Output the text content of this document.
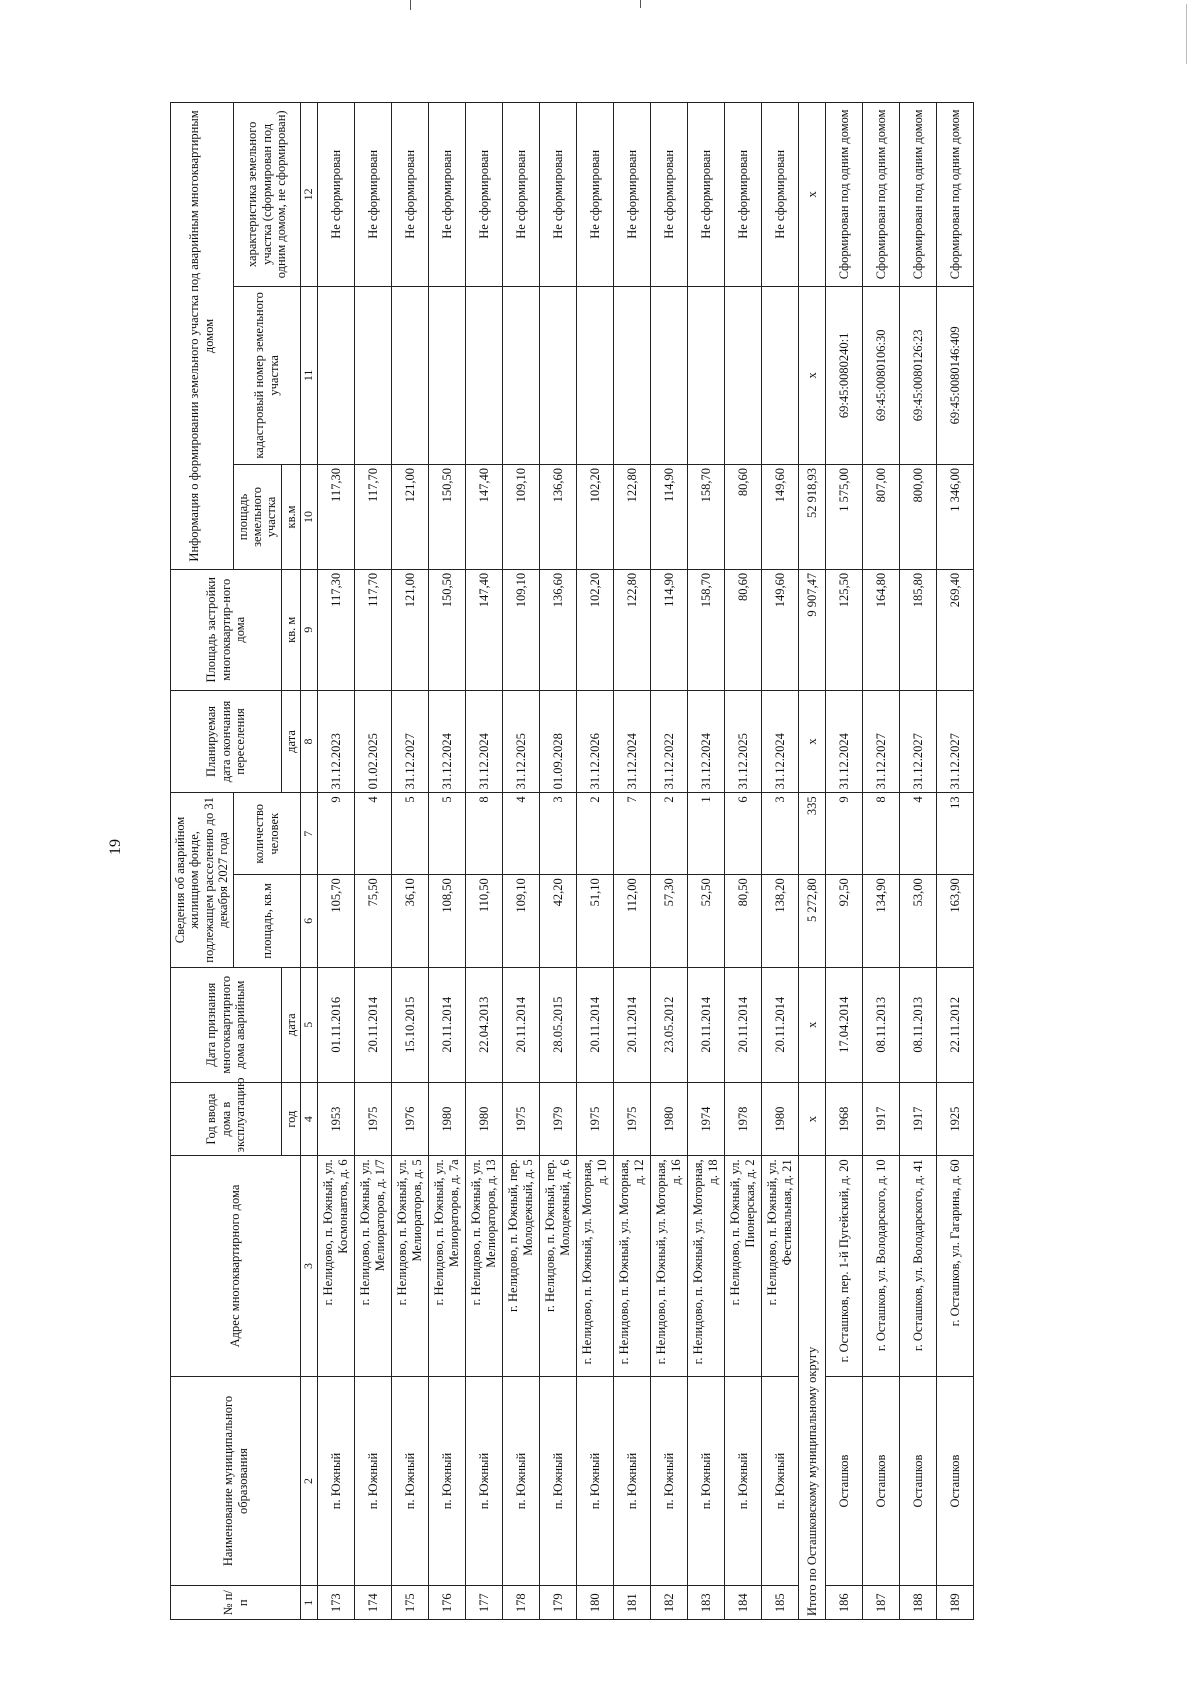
19
№ п/п	Наименование муниципального образования	Адрес многоквартирного дома	Год ввода дома в эксплуатацию	Дата признания многоквартирного дома аварийным	Сведения об аварийном жилищном фонде, подлежащем расселению до 31 декабря 2027 года		Планируемая дата окончания переселения	Площадь застройки многоквартир-ного дома	Информация о формировании земельного участка под аварийным многоквартирным домом		
					площадь, кв.м	количество человек			площадь земельного участка	кадастровый номер земельного участка	характеристика земельного участка (сформирован под одним домом, не сформирован)
			год	дата			дата	кв. м	кв.м		
1	2	3	4	5	6	7	8	9	10	11	12
173	п. Южный	г. Нелидово, п. Южный, ул. Космонавтов, д. 6	1953	01.11.2016	105,70	9	31.12.2023	117,30	117,30		Не сформирован
174	п. Южный	г. Нелидово, п. Южный, ул. Мелиораторов, д. 1/7	1975	20.11.2014	75,50	4	01.02.2025	117,70	117,70		Не сформирован
175	п. Южный	г. Нелидово, п. Южный, ул. Мелиораторов, д. 5	1976	15.10.2015	36,10	5	31.12.2027	121,00	121,00		Не сформирован
176	п. Южный	г. Нелидово, п. Южный, ул. Мелиораторов, д. 7а	1980	20.11.2014	108,50	5	31.12.2024	150,50	150,50		Не сформирован
177	п. Южный	г. Нелидово, п. Южный, ул. Мелиораторов, д. 13	1980	22.04.2013	110,50	8	31.12.2024	147,40	147,40		Не сформирован
178	п. Южный	г. Нелидово, п. Южный, пер. Молодежный, д. 5	1975	20.11.2014	109,10	4	31.12.2025	109,10	109,10		Не сформирован
179	п. Южный	г. Нелидово, п. Южный, пер. Молодежный, д. 6	1979	28.05.2015	42,20	3	01.09.2028	136,60	136,60		Не сформирован
180	п. Южный	г. Нелидово, п. Южный, ул. Моторная, д. 10	1975	20.11.2014	51,10	2	31.12.2026	102,20	102,20		Не сформирован
181	п. Южный	г. Нелидово, п. Южный, ул. Моторная, д. 12	1975	20.11.2014	112,00	7	31.12.2024	122,80	122,80		Не сформирован
182	п. Южный	г. Нелидово, п. Южный, ул. Моторная, д. 16	1980	23.05.2012	57,30	2	31.12.2022	114,90	114,90		Не сформирован
183	п. Южный	г. Нелидово, п. Южный, ул. Моторная, д. 18	1974	20.11.2014	52,50	1	31.12.2024	158,70	158,70		Не сформирован
184	п. Южный	г. Нелидово, п. Южный, ул. Пионерская, д. 2	1978	20.11.2014	80,50	6	31.12.2025	80,60	80,60		Не сформирован
185	п. Южный	г. Нелидово, п. Южный, ул. Фестивальная, д. 21	1980	20.11.2014	138,20	3	31.12.2024	149,60	149,60		Не сформирован
Итого по Осташковскому муниципальному округу			x	x	5 272,80	335	x	9 907,47	52 918,93	x	x
186	Осташков	г. Осташков, пер. 1-й Пугейский, д. 20	1968	17.04.2014	92,50	9	31.12.2024	125,50	1 575,00	69:45:0080240:1	Сформирован под одним домом
187	Осташков	г. Осташков, ул. Володарского, д. 10	1917	08.11.2013	134,90	8	31.12.2027	164,80	807,00	69:45:0080106:30	Сформирован под одним домом
188	Осташков	г. Осташков, ул. Володарского, д. 41	1917	08.11.2013	53,00	4	31.12.2027	185,80	800,00	69:45:0080126:23	Сформирован под одним домом
189	Осташков	г. Осташков, ул. Гагарина, д. 60	1925	22.11.2012	163,90	13	31.12.2027	269,40	1 346,00	69:45:0080146:409	Сформирован под одним домом
